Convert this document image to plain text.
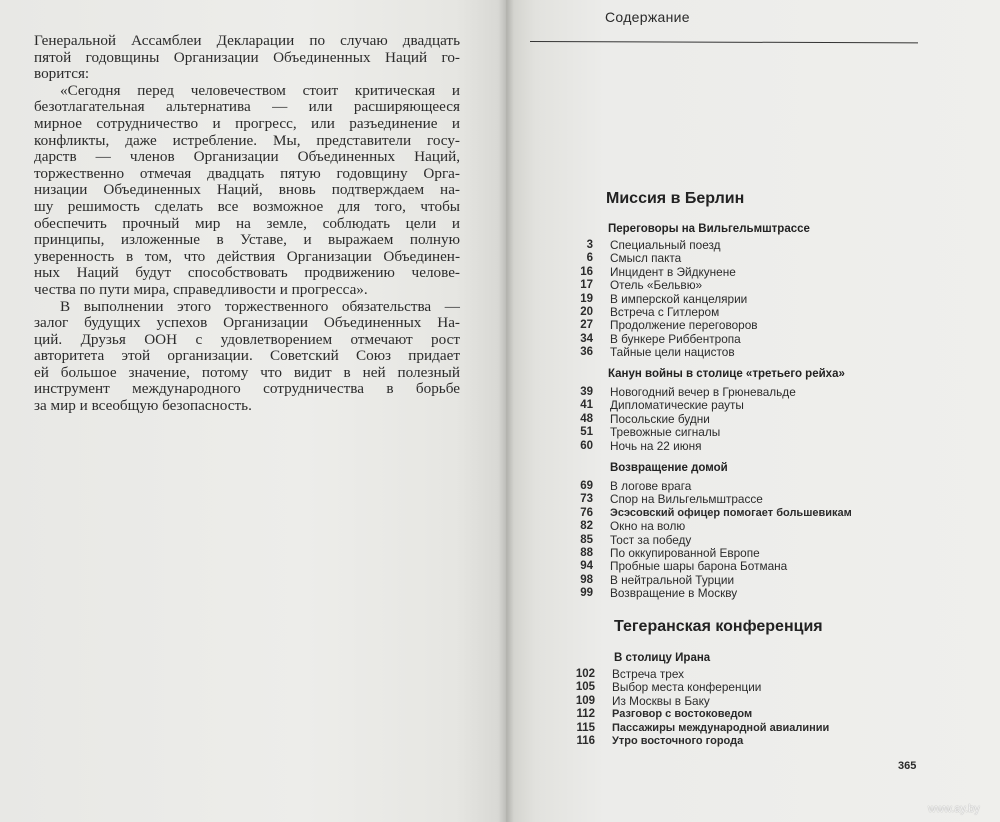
Генеральной Ассамблеи Декларации по случаю двадцать
пятой годовщины Организации Объединенных Наций го-
ворится:
«Сегодня перед человечеством стоит критическая и
безотлагательная альтернатива — или расширяющееся
мирное сотрудничество и прогресс, или разъединение и
конфликты, даже истребление. Мы, представители госу-
дарств — членов Организации Объединенных Наций,
торжественно отмечая двадцать пятую годовщину Орга-
низации Объединенных Наций, вновь подтверждаем на-
шу решимость сделать все возможное для того, чтобы
обеспечить прочный мир на земле, соблюдать цели и
принципы, изложенные в Уставе, и выражаем полную
уверенность в том, что действия Организации Объединен-
ных Наций будут способствовать продвижению челове-
чества по пути мира, справедливости и прогресса».
В выполнении этого торжественного обязательства —
залог будущих успехов Организации Объединенных На-
ций. Друзья ООН с удовлетворением отмечают рост
авторитета этой организации. Советский Союз придает
ей большое значение, потому что видит в ней полезный
инструмент международного сотрудничества в борьбе
за мир и всеобщую безопасность.
Содержание
Миссия в Берлин
Переговоры на Вильгельмштрассе
3 Специальный поезд
6 Смысл пакта
16 Инцидент в Эйдкунене
17 Отель «Бельвю»
19 В имперской канцелярии
20 Встреча с Гитлером
27 Продолжение переговоров
34 В бункере Риббентропа
36 Тайные цели нацистов
Канун войны в столице «третьего рейха»
39 Новогодний вечер в Грюневальде
41 Дипломатические рауты
48 Посольские будни
51 Тревожные сигналы
60 Ночь на 22 июня
Возвращение домой
69 В логове врага
73 Спор на Вильгельмштрассе
76 Эсэсовский офицер помогает большевикам
82 Окно на волю
85 Тост за победу
88 По оккупированной Европе
94 Пробные шары барона Ботмана
98 В нейтральной Турции
99 Возвращение в Москву
Тегеранская конференция
В столицу Ирана
102 Встреча трех
105 Выбор места конференции
109 Из Москвы в Баку
112 Разговор с востоковедом
115 Пассажиры международной авиалинии
116 Утро восточного города
365
www.ay.by
